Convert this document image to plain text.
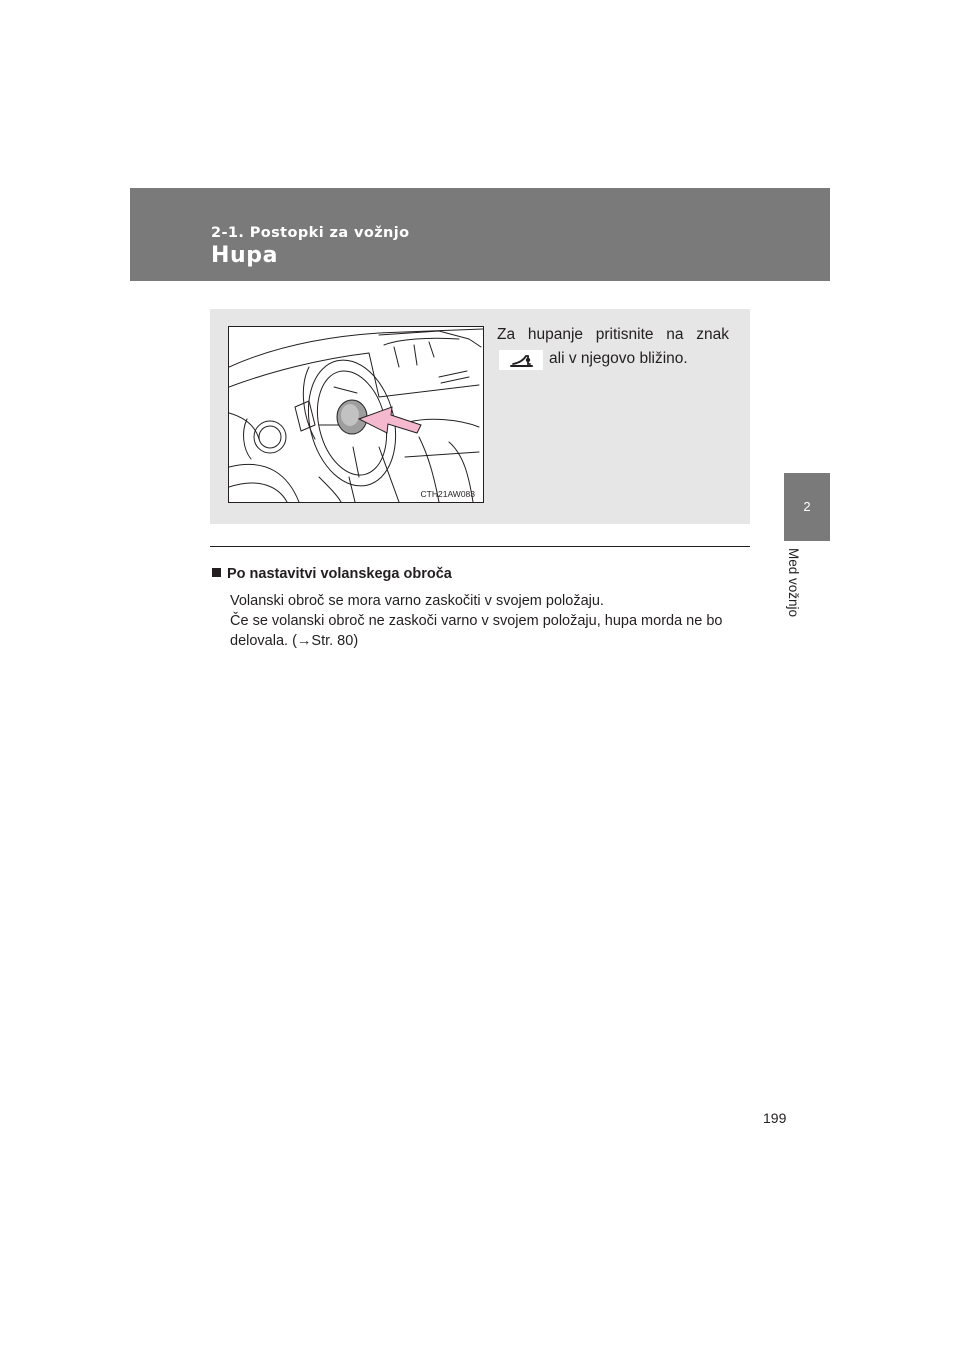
2-1. Postopki za vožnjo
Hupa
2
Med vožnjo
CTH21AW083
Za hupanje pritisnite na znak
ali v njegovo bližino.
Po nastavitvi volanskega obroča

Volanski obroč se mora varno zaskočiti v svojem položaju.

Če se volanski obroč ne zaskoči varno v svojem položaju, hupa morda ne bo

delovala. (→Str. 80)

199
